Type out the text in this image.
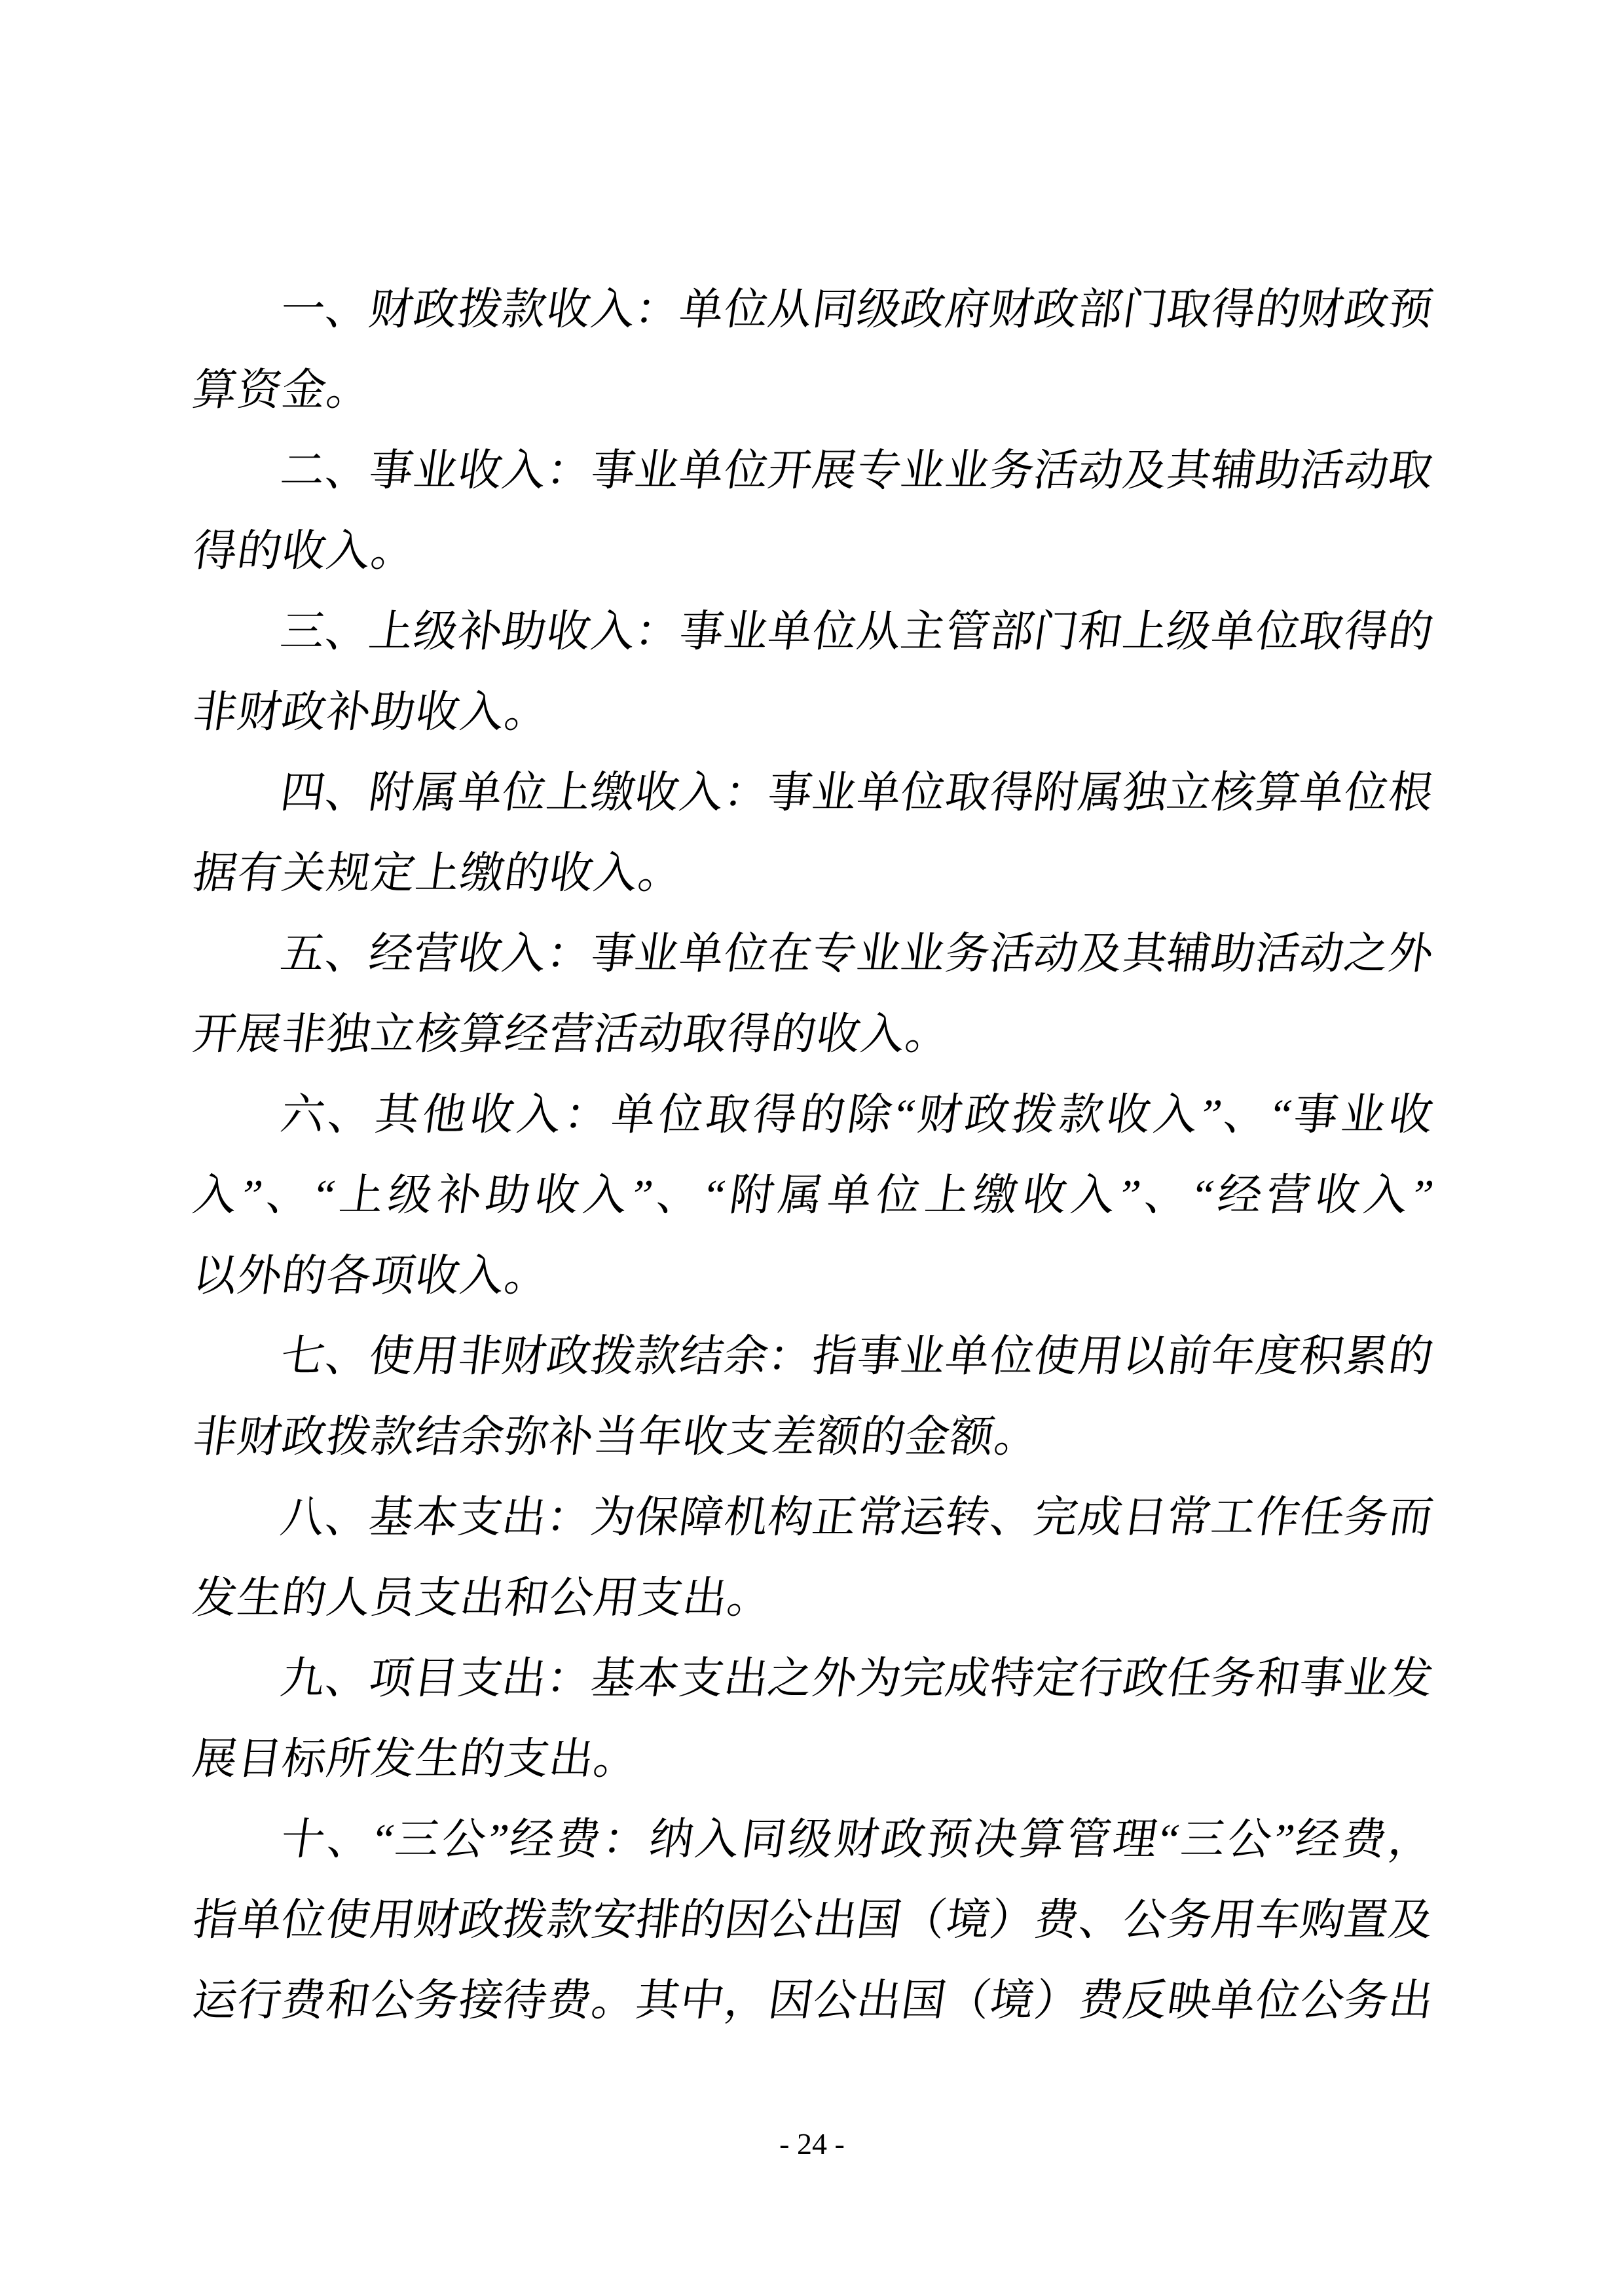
一
、
财
政
拨
款
收
入
：
单
位
从
同
级
政
府
财
政
部
门
取
得
的
财
政
预
算
资
金
。
二
、
事
业
收
入
：
事
业
单
位
开
展
专
业
业
务
活
动
及
其
辅
助
活
动
取
得
的
收
入
。
三
、
上
级
补
助
收
入
：
事
业
单
位
从
主
管
部
门
和
上
级
单
位
取
得
的
非
财
政
补
助
收
入
。
四
、
附
属
单
位
上
缴
收
入
：
事
业
单
位
取
得
附
属
独
立
核
算
单
位
根
据
有
关
规
定
上
缴
的
收
入
。
五
、
经
营
收
入
：
事
业
单
位
在
专
业
业
务
活
动
及
其
辅
助
活
动
之
外
开
展
非
独
立
核
算
经
营
活
动
取
得
的
收
入
。
六
、
其
他
收
入
：
单
位
取
得
的
除
“
财
政
拨
款
收
入
”
、
“
事
业
收
入
”
、
“
上
级
补
助
收
入
”
、
“
附
属
单
位
上
缴
收
入
”
、
“
经
营
收
入
”
以
外
的
各
项
收
入
。
七
、
使
用
非
财
政
拨
款
结
余
：
指
事
业
单
位
使
用
以
前
年
度
积
累
的
非
财
政
拨
款
结
余
弥
补
当
年
收
支
差
额
的
金
额
。
八
、
基
本
支
出
：
为
保
障
机
构
正
常
运
转
、
完
成
日
常
工
作
任
务
而
发
生
的
人
员
支
出
和
公
用
支
出
。
九
、
项
目
支
出
：
基
本
支
出
之
外
为
完
成
特
定
行
政
任
务
和
事
业
发
展
目
标
所
发
生
的
支
出
。
十
、
“
三
公
”
经
费
：
纳
入
同
级
财
政
预
决
算
管
理
“
三
公
”
经
费
，
指
单
位
使
用
财
政
拨
款
安
排
的
因
公
出
国
（
境
）
费
、
公
务
用
车
购
置
及
运
行
费
和
公
务
接
待
费
。
其
中
，
因
公
出
国
（
境
）
费
反
映
单
位
公
务
出
- 24 -
